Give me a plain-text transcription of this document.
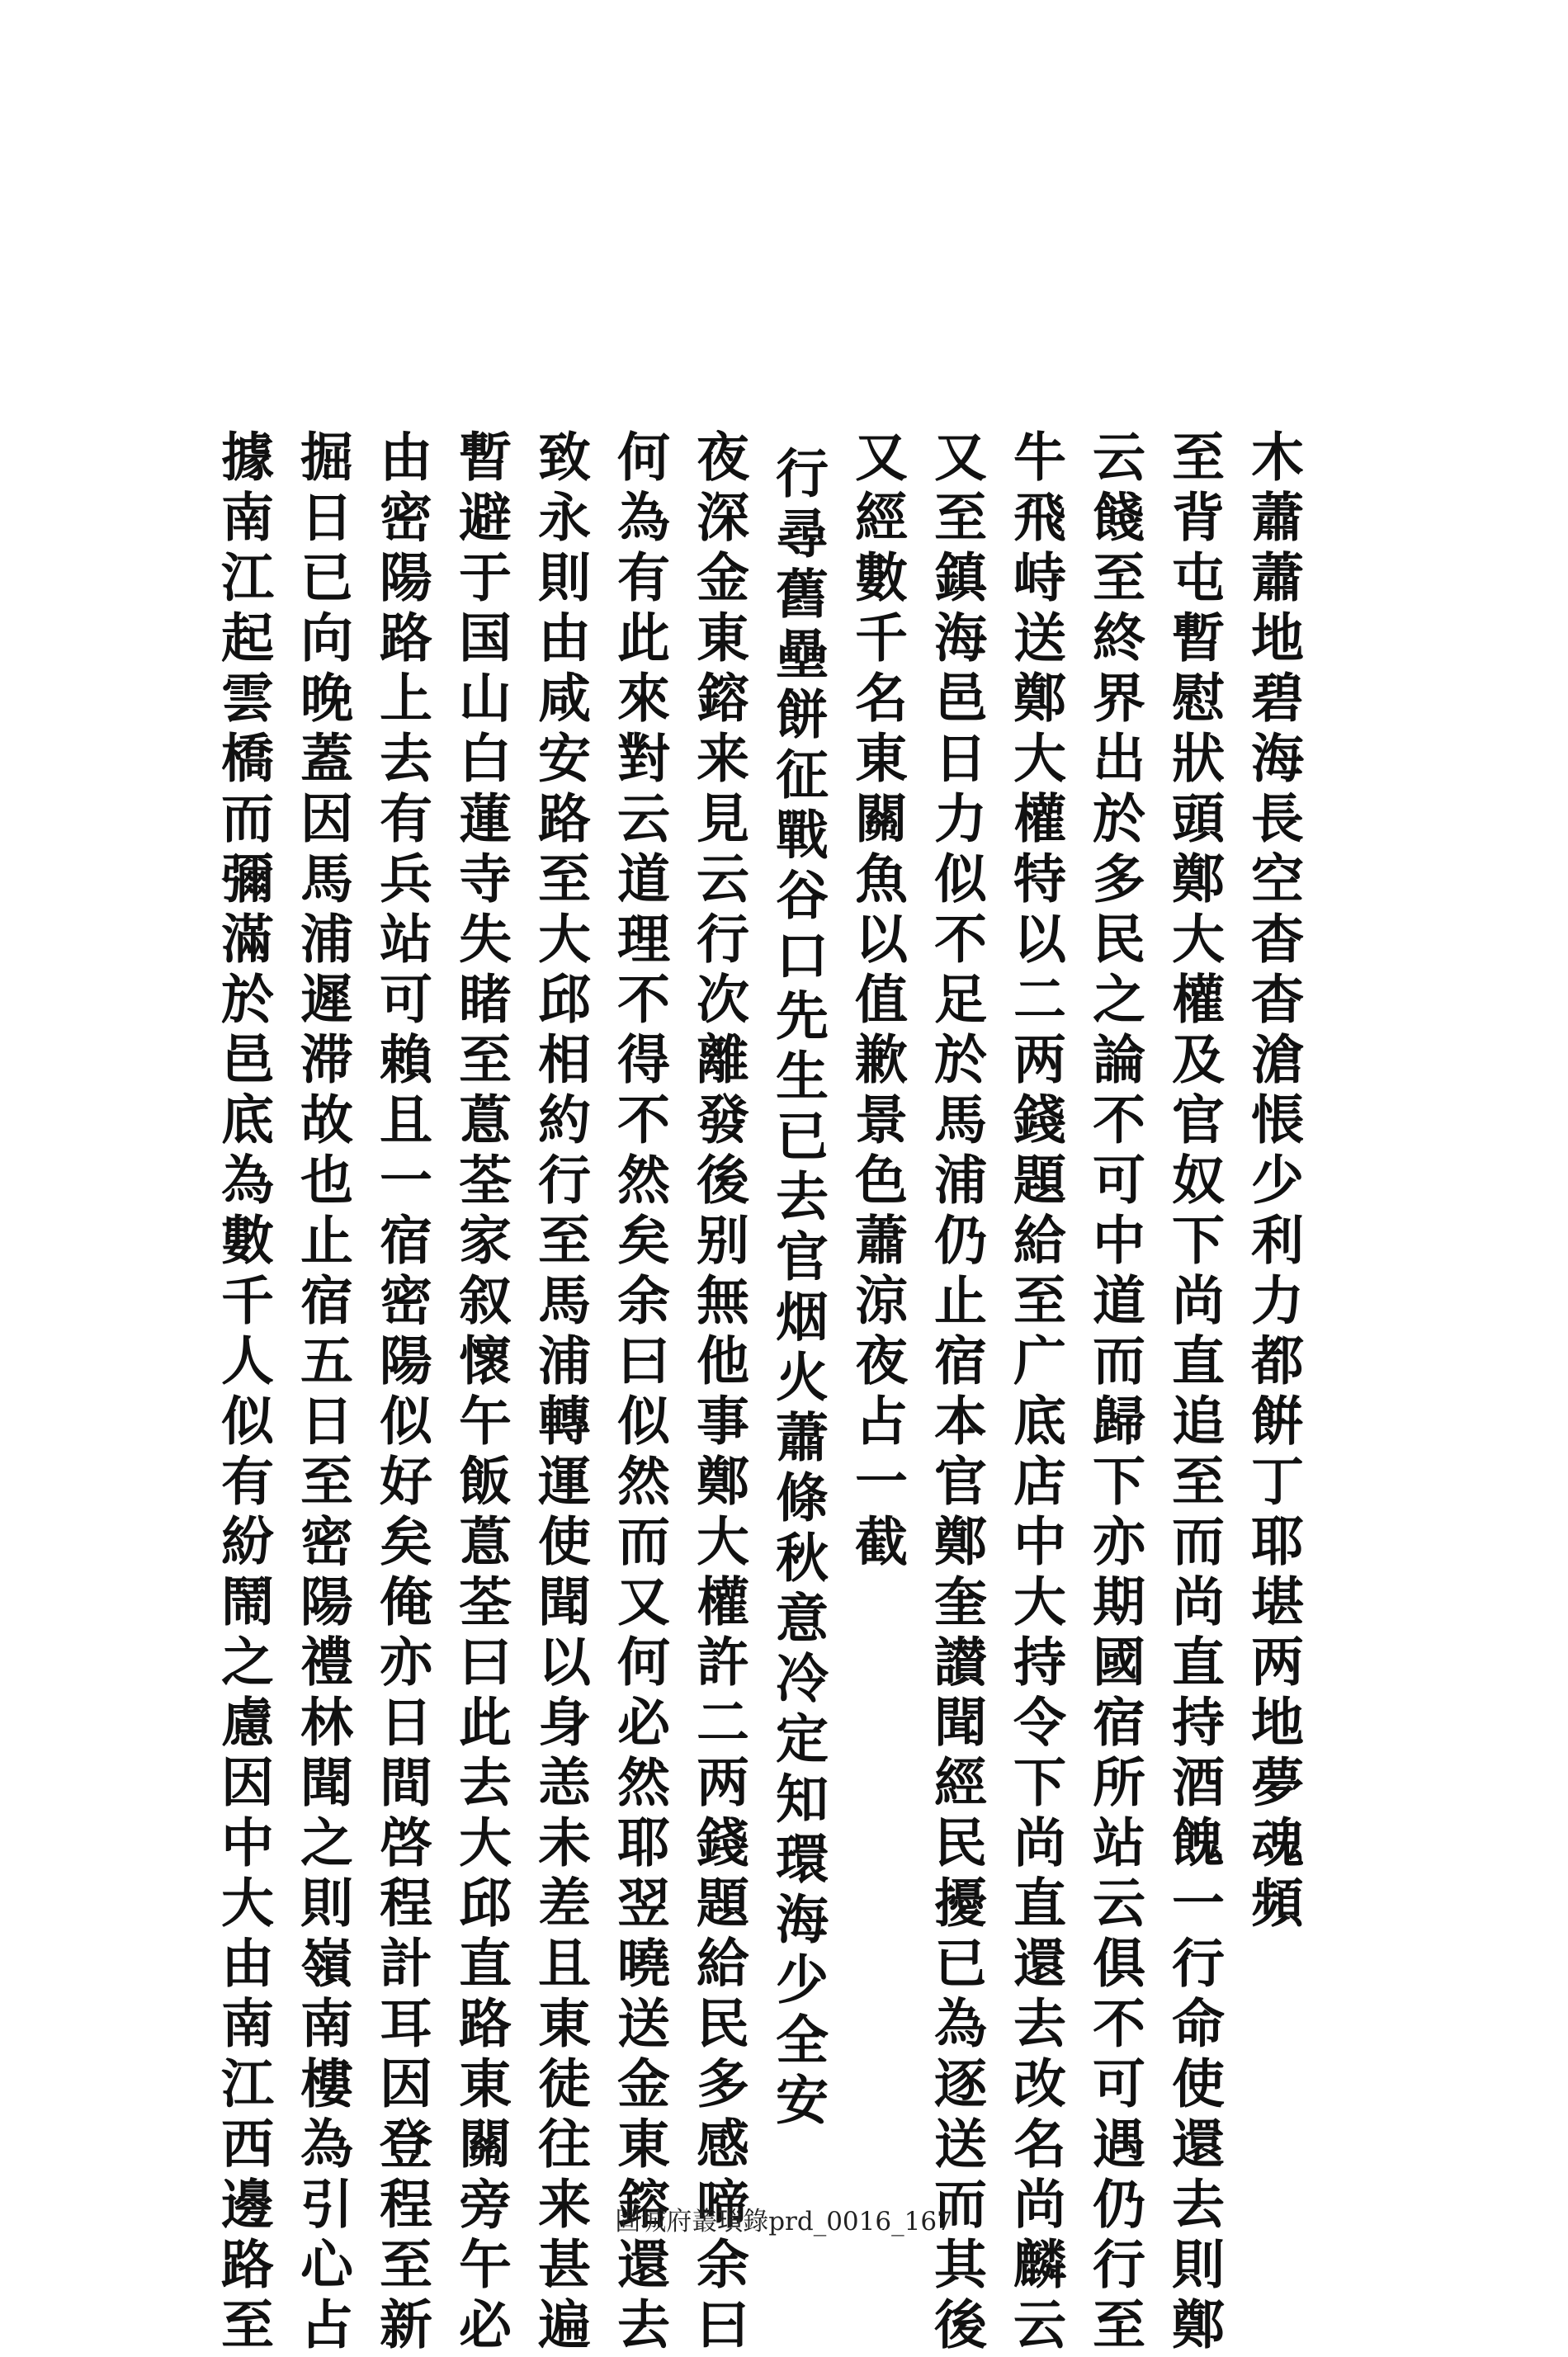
木蕭蕭地碧海長空杳杳滄悵少利力都餠丁耶堪两地夢魂頻
至背屯暫慰狀頭鄭大權及官奴下尚直追至而尚直持酒餽一行命使還去則鄭
云餞至終界出於多民之論不可中道而歸下亦期國宿所站云俱不可遇仍行至
牛飛峙送鄭大權特以二两錢題給至广底店中大持令下尚直還去改名尚麟云
又至鎮海邑日力似不足於馬浦仍止宿本官鄭奎讃聞經民擾已為逐送而其後
又經數千名東關魚以值歉景色蕭涼夜占一截
行尋舊壘餅征戰谷口先生已去官烟火蕭條秋意冷定知環海少全安
夜深金東鎔来見云行次離發後别無他事鄭大權許二两錢題給民多感啼余曰
何為有此來對云道理不得不然矣余曰似然而又何必然耶翌曉送金東鎔還去
致永則由咸安路至大邱相約行至馬浦轉運使聞以身恙未差且東徒往来甚遍
暫避于国山白蓮寺失睹至蒠荃家叙懷午飯蒠荃曰此去大邱直路東關旁午必
由密陽路上去有兵站可賴且一宿密陽似好矣俺亦日間啓程計耳因登程至新
掘日已向晚蓋因馬浦遲滞故也止宿五日至密陽禮林聞之則嶺南樓為引心占
據南江起雲橋而彌滿於邑底為數千人似有紛鬧之慮因中大由南江西邊路至	固城府叢𤨏錄prd_0016_167
